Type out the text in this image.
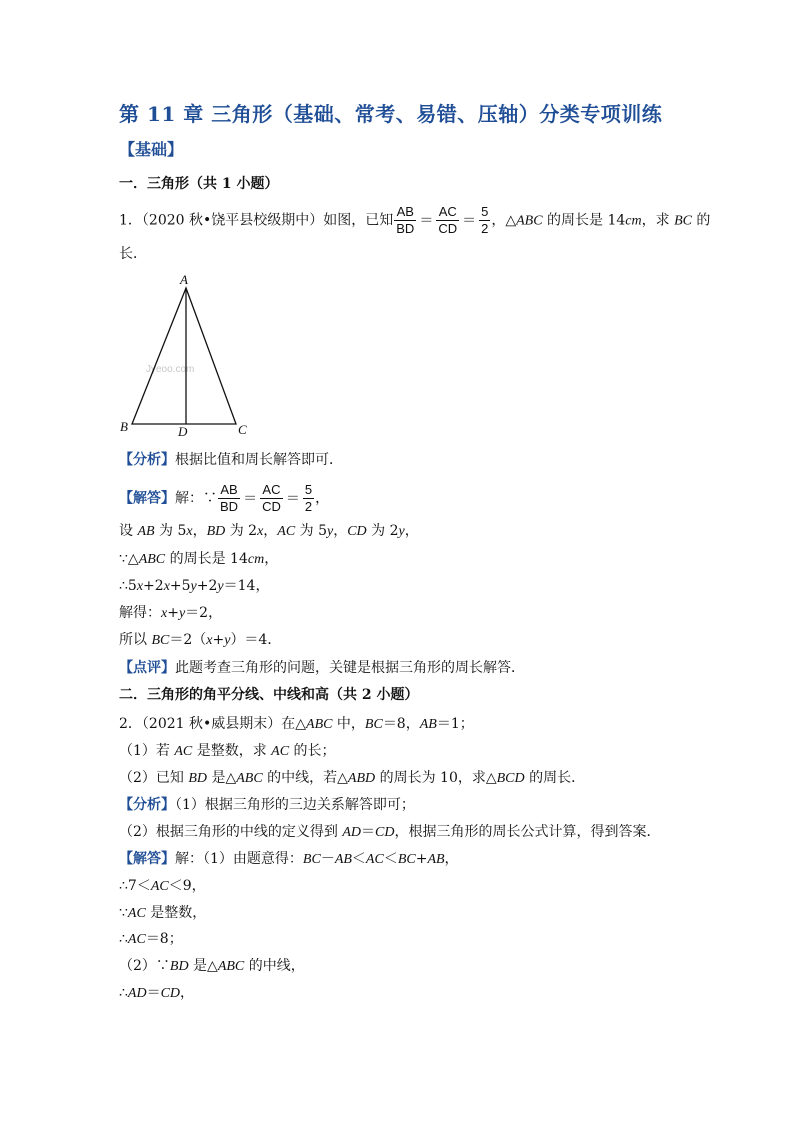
第 11 章 三角形（基础、常考、易错、压轴）分类专项训练
【基础】
一．三角形（共 1 小题）
1．（2020 秋•饶平县校级期中）如图，已知 $\frac{AB}{BD} = \frac{AC}{CD} = \frac{5}{2}$ ，△ABC 的周长是 14cm，求 BC 的
长．
A
Jyeoo.com
B	D	C
【分析】根据比值和周长解答即可．
【解答】解：∵ $\frac{AB}{BD} = \frac{AC}{CD} = \frac{5}{2}$ ，
设 AB 为 5x，BD 为 2x，AC 为 5y，CD 为 2y，
∵△ABC 的周长是 14cm，
∴5x+2x+5y+2y＝14，
解得：x+y＝2，
所以 BC＝2（x+y）＝4．
【点评】此题考查三角形的问题，关键是根据三角形的周长解答．
二．三角形的角平分线、中线和高（共 2 小题）
2．（2021 秋•威县期末）在△ABC 中，BC＝8，AB＝1；
（1）若 AC 是整数，求 AC 的长；
（2）已知 BD 是△ABC 的中线，若△ABD 的周长为 10，求△BCD 的周长．
【分析】（1）根据三角形的三边关系解答即可；
（2）根据三角形的中线的定义得到 AD＝CD，根据三角形的周长公式计算，得到答案．
【解答】解：（1）由题意得：BC－AB＜AC＜BC+AB，
∴7＜AC＜9，
∵AC 是整数，
∴AC＝8；
（2）∵BD 是△ABC 的中线，
∴AD＝CD，
